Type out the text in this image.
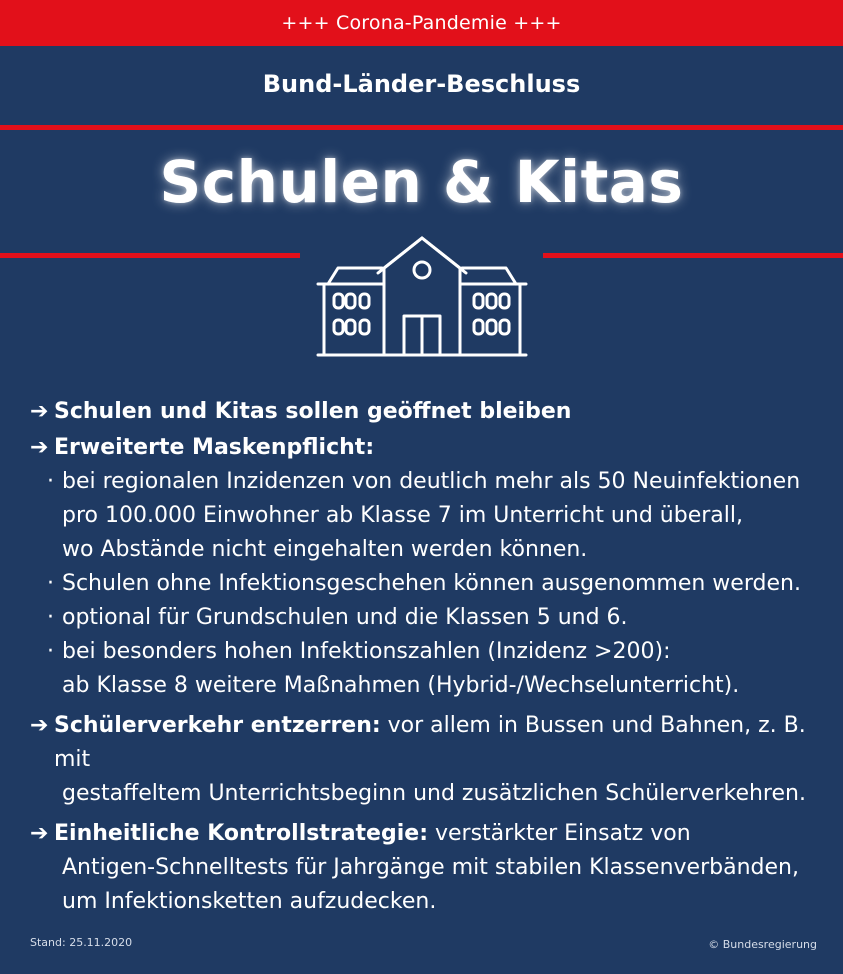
+++ Corona-Pandemie +++
Bund-Länder-Beschluss
Schulen & Kitas

➔ Schulen und Kitas sollen geöffnet bleiben

➔ Erweiterte Maskenpflicht:

· bei regionalen Inzidenzen von deutlich mehr als 50 Neuinfektionen
pro 100.000 Einwohner ab Klasse 7 im Unterricht und überall,
wo Abstände nicht eingehalten werden können.
· Schulen ohne Infektionsgeschehen können ausgenommen werden.
· optional für Grundschulen und die Klassen 5 und 6.
· bei besonders hohen Infektionszahlen (Inzidenz >200):
ab Klasse 8 weitere Maßnahmen (Hybrid-/Wechselunterricht).

➔ Schülerverkehr entzerren: vor allem in Bussen und Bahnen, z. B. mit
gestaffeltem Unterrichtsbeginn und zusätzlichen Schülerverkehren.

➔ Einheitliche Kontrollstrategie: verstärkter Einsatz von
Antigen-Schnelltests für Jahrgänge mit stabilen Klassenverbänden,
um Infektionsketten aufzudecken.

Stand: 25.11.2020	© Bundesregierung
